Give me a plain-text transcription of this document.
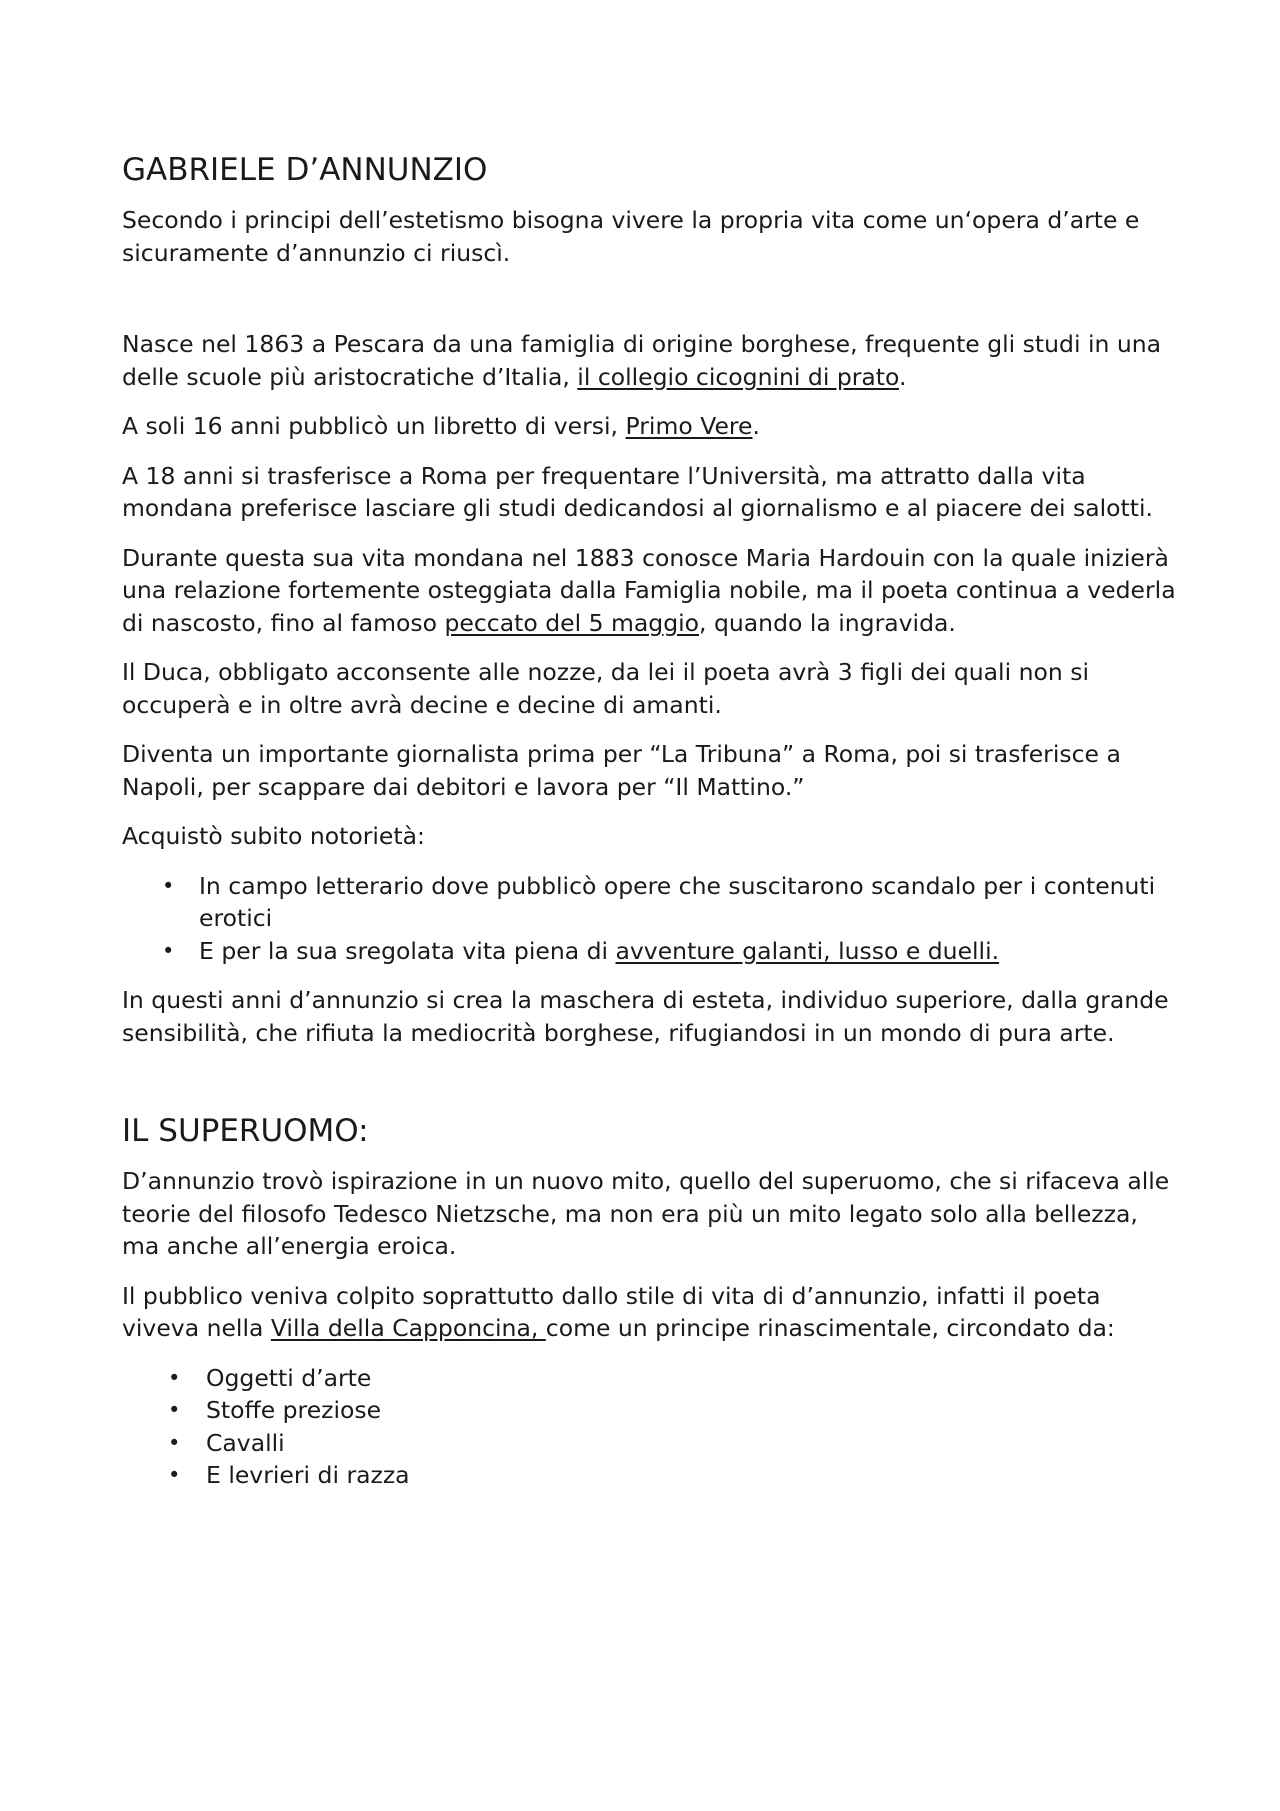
GABRIELE D’ANNUNZIO

Secondo i principi dell’estetismo bisogna vivere la propria vita come un‘opera d’arte e sicuramente d’annunzio ci riuscì.

Nasce nel 1863 a Pescara da una famiglia di origine borghese, frequente gli studi in una delle scuole più aristocratiche d’Italia, il collegio cicognini di prato.

A soli 16 anni pubblicò un libretto di versi, Primo Vere.

A 18 anni si trasferisce a Roma per frequentare l’Università, ma attratto dalla vita mondana preferisce lasciare gli studi dedicandosi al giornalismo e al piacere dei salotti.

Durante questa sua vita mondana nel 1883 conosce Maria Hardouin con la quale inizierà una relazione fortemente osteggiata dalla Famiglia nobile, ma il poeta continua a vederla di nascosto, fino al famoso peccato del 5 maggio, quando la ingravida.

Il Duca, obbligato acconsente alle nozze, da lei il poeta avrà 3 figli dei quali non si occuperà e in oltre avrà decine e decine di amanti.

Diventa un importante giornalista prima per “La Tribuna” a Roma, poi si trasferisce a Napoli, per scappare dai debitori e lavora per “Il Mattino.”

Acquistò subito notorietà:

• In campo letterario dove pubblicò opere che suscitarono scandalo per i contenuti erotici
• E per la sua sregolata vita piena di avventure galanti, lusso e duelli.

In questi anni d’annunzio si crea la maschera di esteta, individuo superiore, dalla grande sensibilità, che rifiuta la mediocrità borghese, rifugiandosi in un mondo di pura arte.

IL SUPERUOMO:

D’annunzio trovò ispirazione in un nuovo mito, quello del superuomo, che si rifaceva alle teorie del filosofo Tedesco Nietzsche, ma non era più un mito legato solo alla bellezza, ma anche all’energia eroica.

Il pubblico veniva colpito soprattutto dallo stile di vita di d’annunzio, infatti il poeta viveva nella Villa della Capponcina, come un principe rinascimentale, circondato da:

• Oggetti d’arte
• Stoffe preziose
• Cavalli
• E levrieri di razza
